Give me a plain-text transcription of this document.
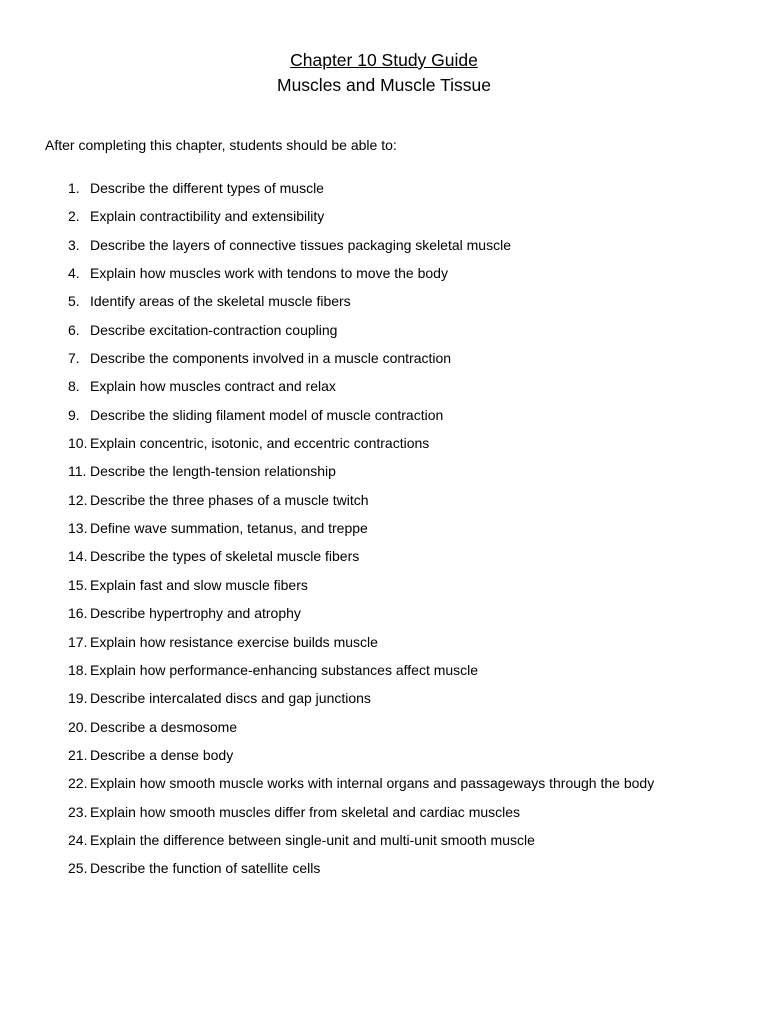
Chapter 10 Study Guide
Muscles and Muscle Tissue
After completing this chapter, students should be able to:
1. Describe the different types of muscle
2. Explain contractibility and extensibility
3. Describe the layers of connective tissues packaging skeletal muscle
4. Explain how muscles work with tendons to move the body
5. Identify areas of the skeletal muscle fibers
6. Describe excitation-contraction coupling
7. Describe the components involved in a muscle contraction
8. Explain how muscles contract and relax
9. Describe the sliding filament model of muscle contraction
10. Explain concentric, isotonic, and eccentric contractions
11. Describe the length-tension relationship
12. Describe the three phases of a muscle twitch
13. Define wave summation, tetanus, and treppe
14. Describe the types of skeletal muscle fibers
15. Explain fast and slow muscle fibers
16. Describe hypertrophy and atrophy
17. Explain how resistance exercise builds muscle
18. Explain how performance-enhancing substances affect muscle
19. Describe intercalated discs and gap junctions
20. Describe a desmosome
21. Describe a dense body
22. Explain how smooth muscle works with internal organs and passageways through the body
23. Explain how smooth muscles differ from skeletal and cardiac muscles
24. Explain the difference between single-unit and multi-unit smooth muscle
25. Describe the function of satellite cells
